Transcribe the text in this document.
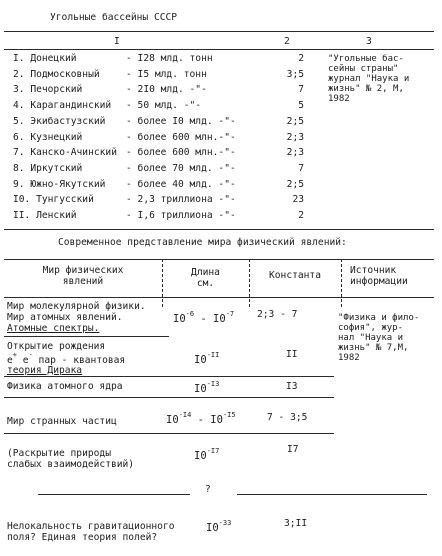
Угольные бассейны СССР
I	2	3
I. Донецкий	- I28 млд. тонн	2
2. Подмосковный	- I5 млд. тонн	3;5
3. Печорский	- 2I0 млд. -"-	7
4. Карагандинский - 50 млд. -"-	5
5. Экибастузский - более I0 млд. -"-	2;5
6. Кузнецкий	- более 600 млн.-"-	2;3
7. Канско-Ачинский - более 600 млн.-"-	2;3
8. Иркутский	- более 70 млд. -"-	7
9. Южно-Якутский - более 40 млд. -"-	2;5
I0. Тунгусский	- 2,3 триллиона -"-	23
II. Ленский	- I,6 триллиона -"-	2
"Угольные бас-
сейны страны"
журнал "Наука и
жизнь" № 2, М,
1982
Современное представление мира физический явлений:
Мир физических
явлений
Длина
см.
Константа	Источник
информации
Мир молекулярной физики.
Мир атомных явлений.
Атомные спектры.
$I0^{-6} - I0^{-7}$ 2;3 - 7	"Физика и фило-
софия", жур-
нал "Наука и
жизнь" № 7,М,
1982
Открытие рождения
e+ e- пар - квантовая
теория Дирака
$I0^{-II}$	II
Физика атомного ядра	$I0^{-I3}$	I3
Мир странных частиц	$I0^{-I4} - I0^{-I5}$	7 - 3;5
(Раскрытие природы
слабых взаимодействий)
$I0^{-I7}$	I7
?
Нелокальность гравитационного
поля? Единая теория полей?
$I0^{-33}$	3;II
